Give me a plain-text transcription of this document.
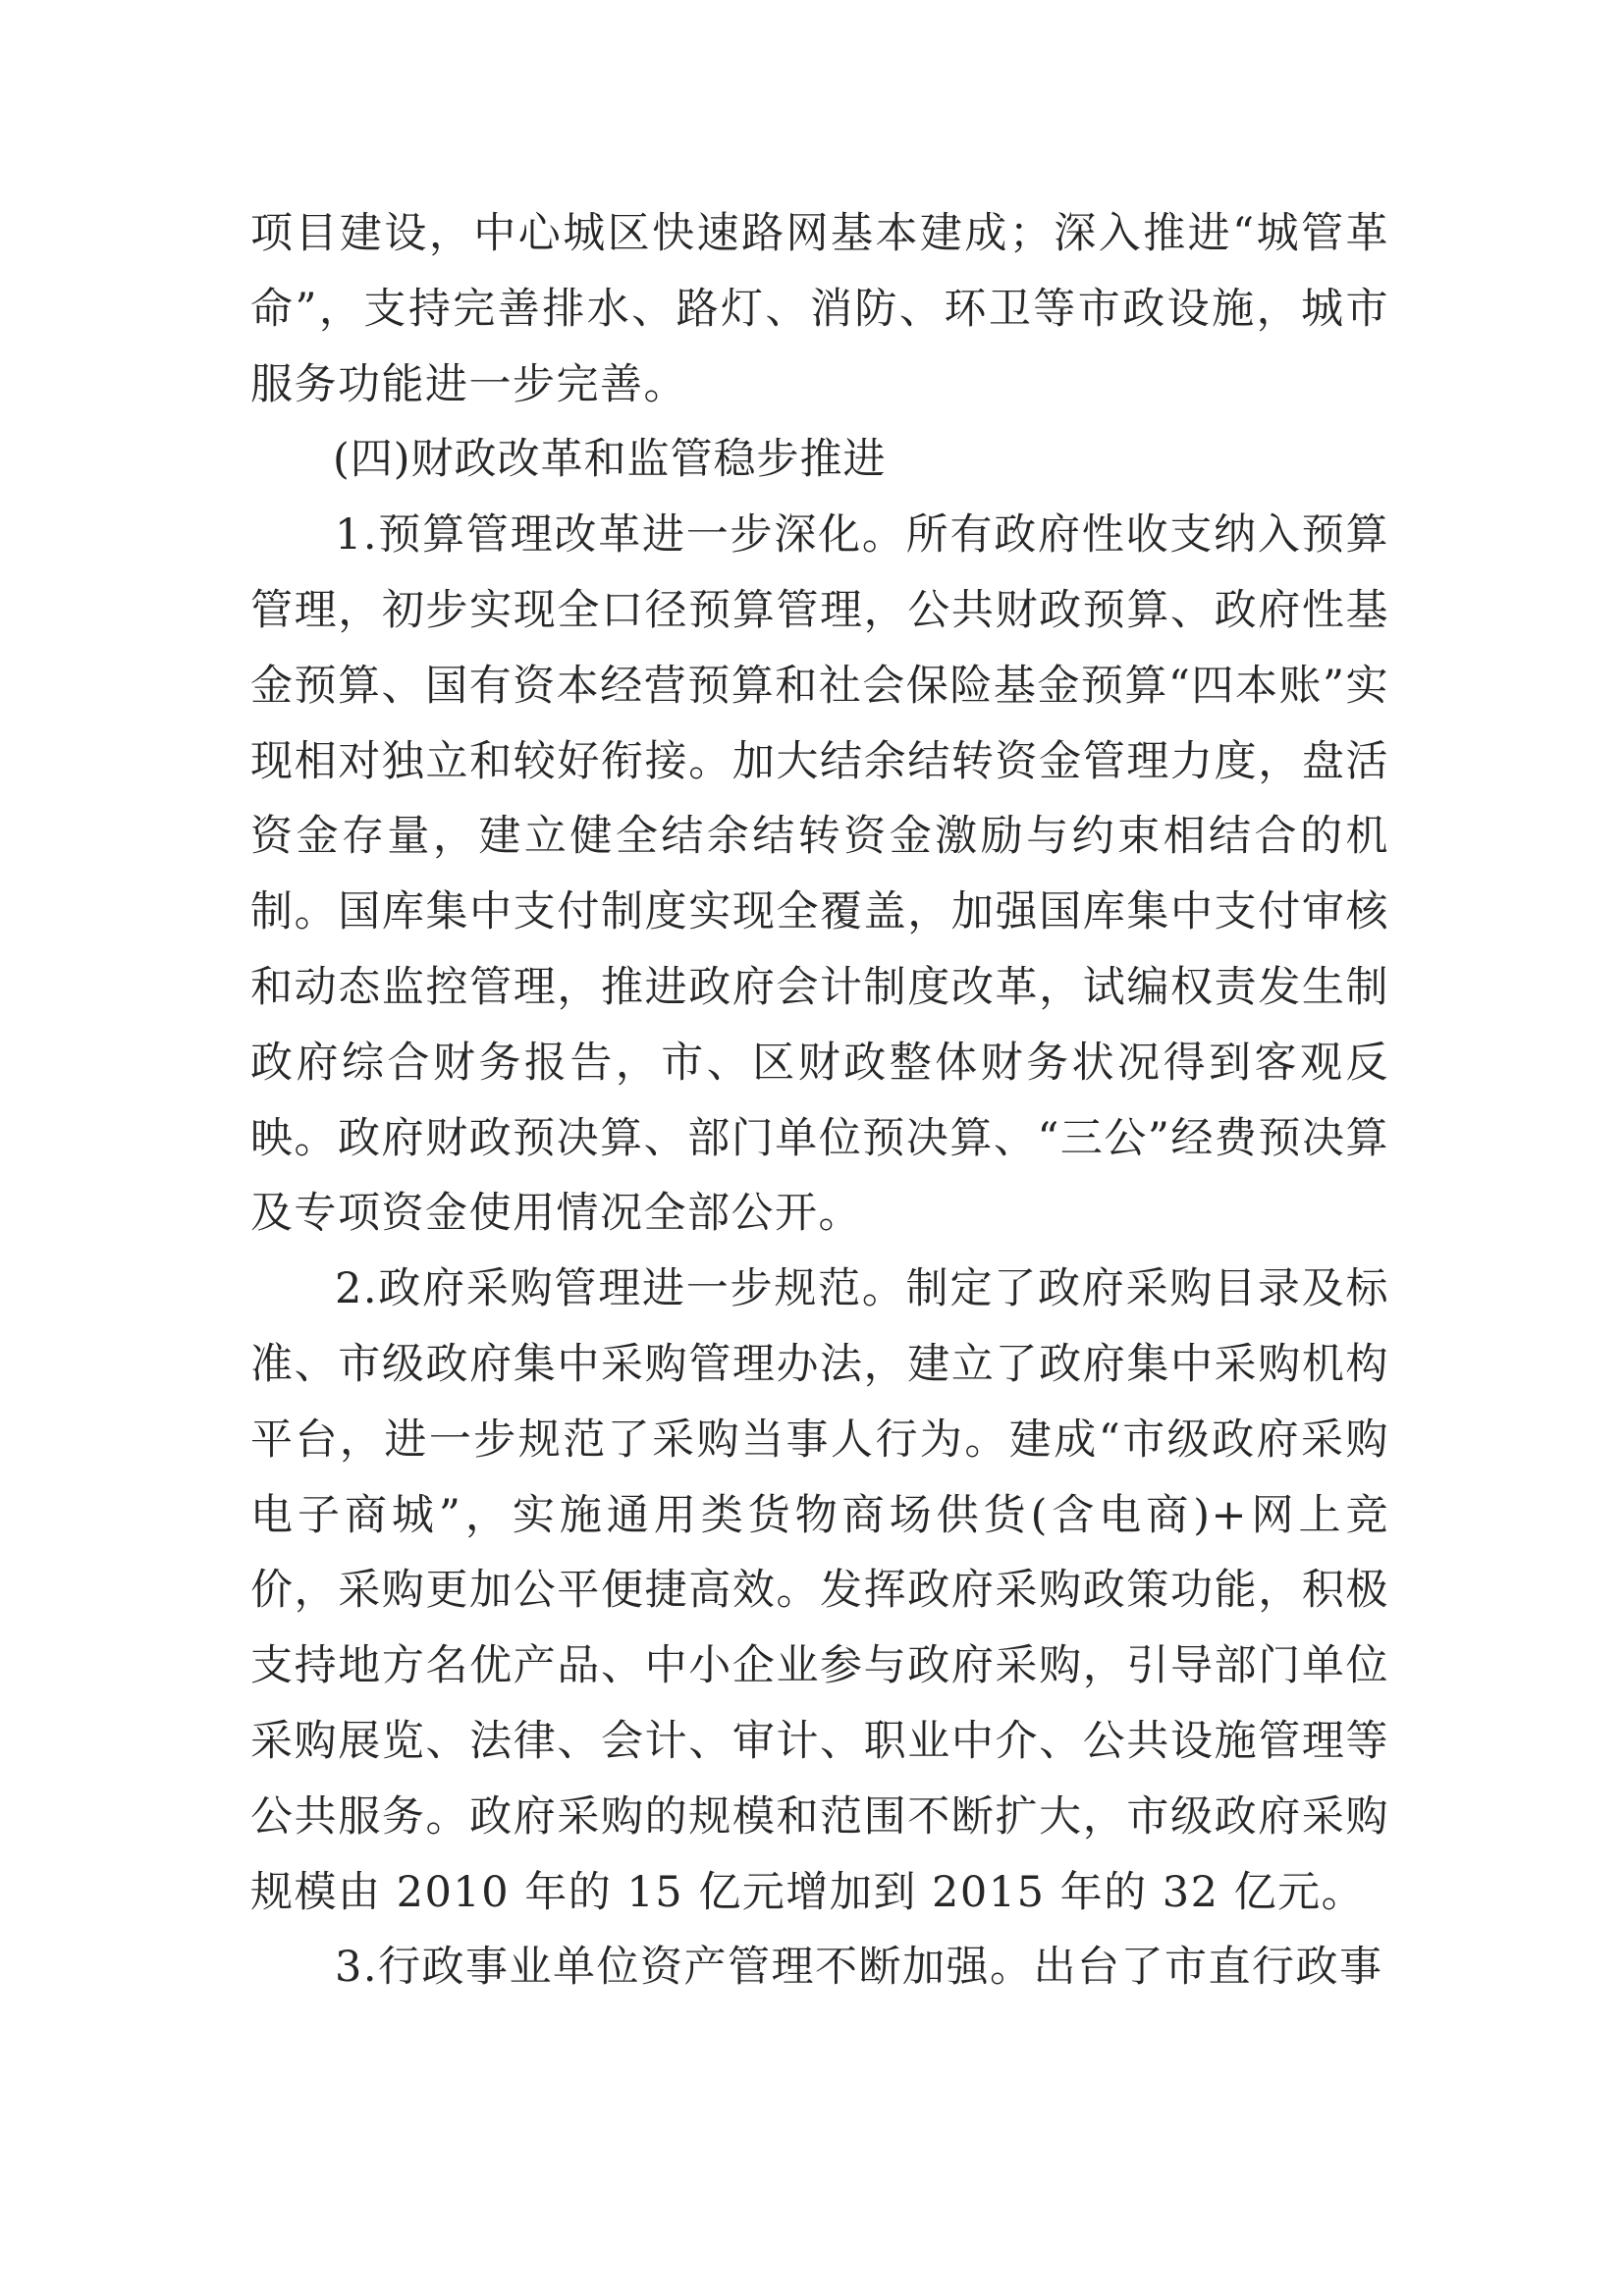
项目建设，中心城区快速路网基本建成；深入推进“城管革命”，支持完善排水、路灯、消防、环卫等市政设施，城市服务功能进一步完善。

(四)财政改革和监管稳步推进

1.预算管理改革进一步深化。所有政府性收支纳入预算管理，初步实现全口径预算管理，公共财政预算、政府性基金预算、国有资本经营预算和社会保险基金预算“四本账”实现相对独立和较好衔接。加大结余结转资金管理力度，盘活资金存量，建立健全结余结转资金激励与约束相结合的机制。国库集中支付制度实现全覆盖，加强国库集中支付审核和动态监控管理，推进政府会计制度改革，试编权责发生制政府综合财务报告，市、区财政整体财务状况得到客观反映。政府财政预决算、部门单位预决算、“三公”经费预决算及专项资金使用情况全部公开。

2.政府采购管理进一步规范。制定了政府采购目录及标准、市级政府集中采购管理办法，建立了政府集中采购机构平台，进一步规范了采购当事人行为。建成“市级政府采购电子商城”，实施通用类货物商场供货(含电商)+网上竞价，采购更加公平便捷高效。发挥政府采购政策功能，积极支持地方名优产品、中小企业参与政府采购，引导部门单位采购展览、法律、会计、审计、职业中介、公共设施管理等公共服务。政府采购的规模和范围不断扩大，市级政府采购规模由 2010 年的 15 亿元增加到 2015 年的 32 亿元。

3.行政事业单位资产管理不断加强。出台了市直行政事
